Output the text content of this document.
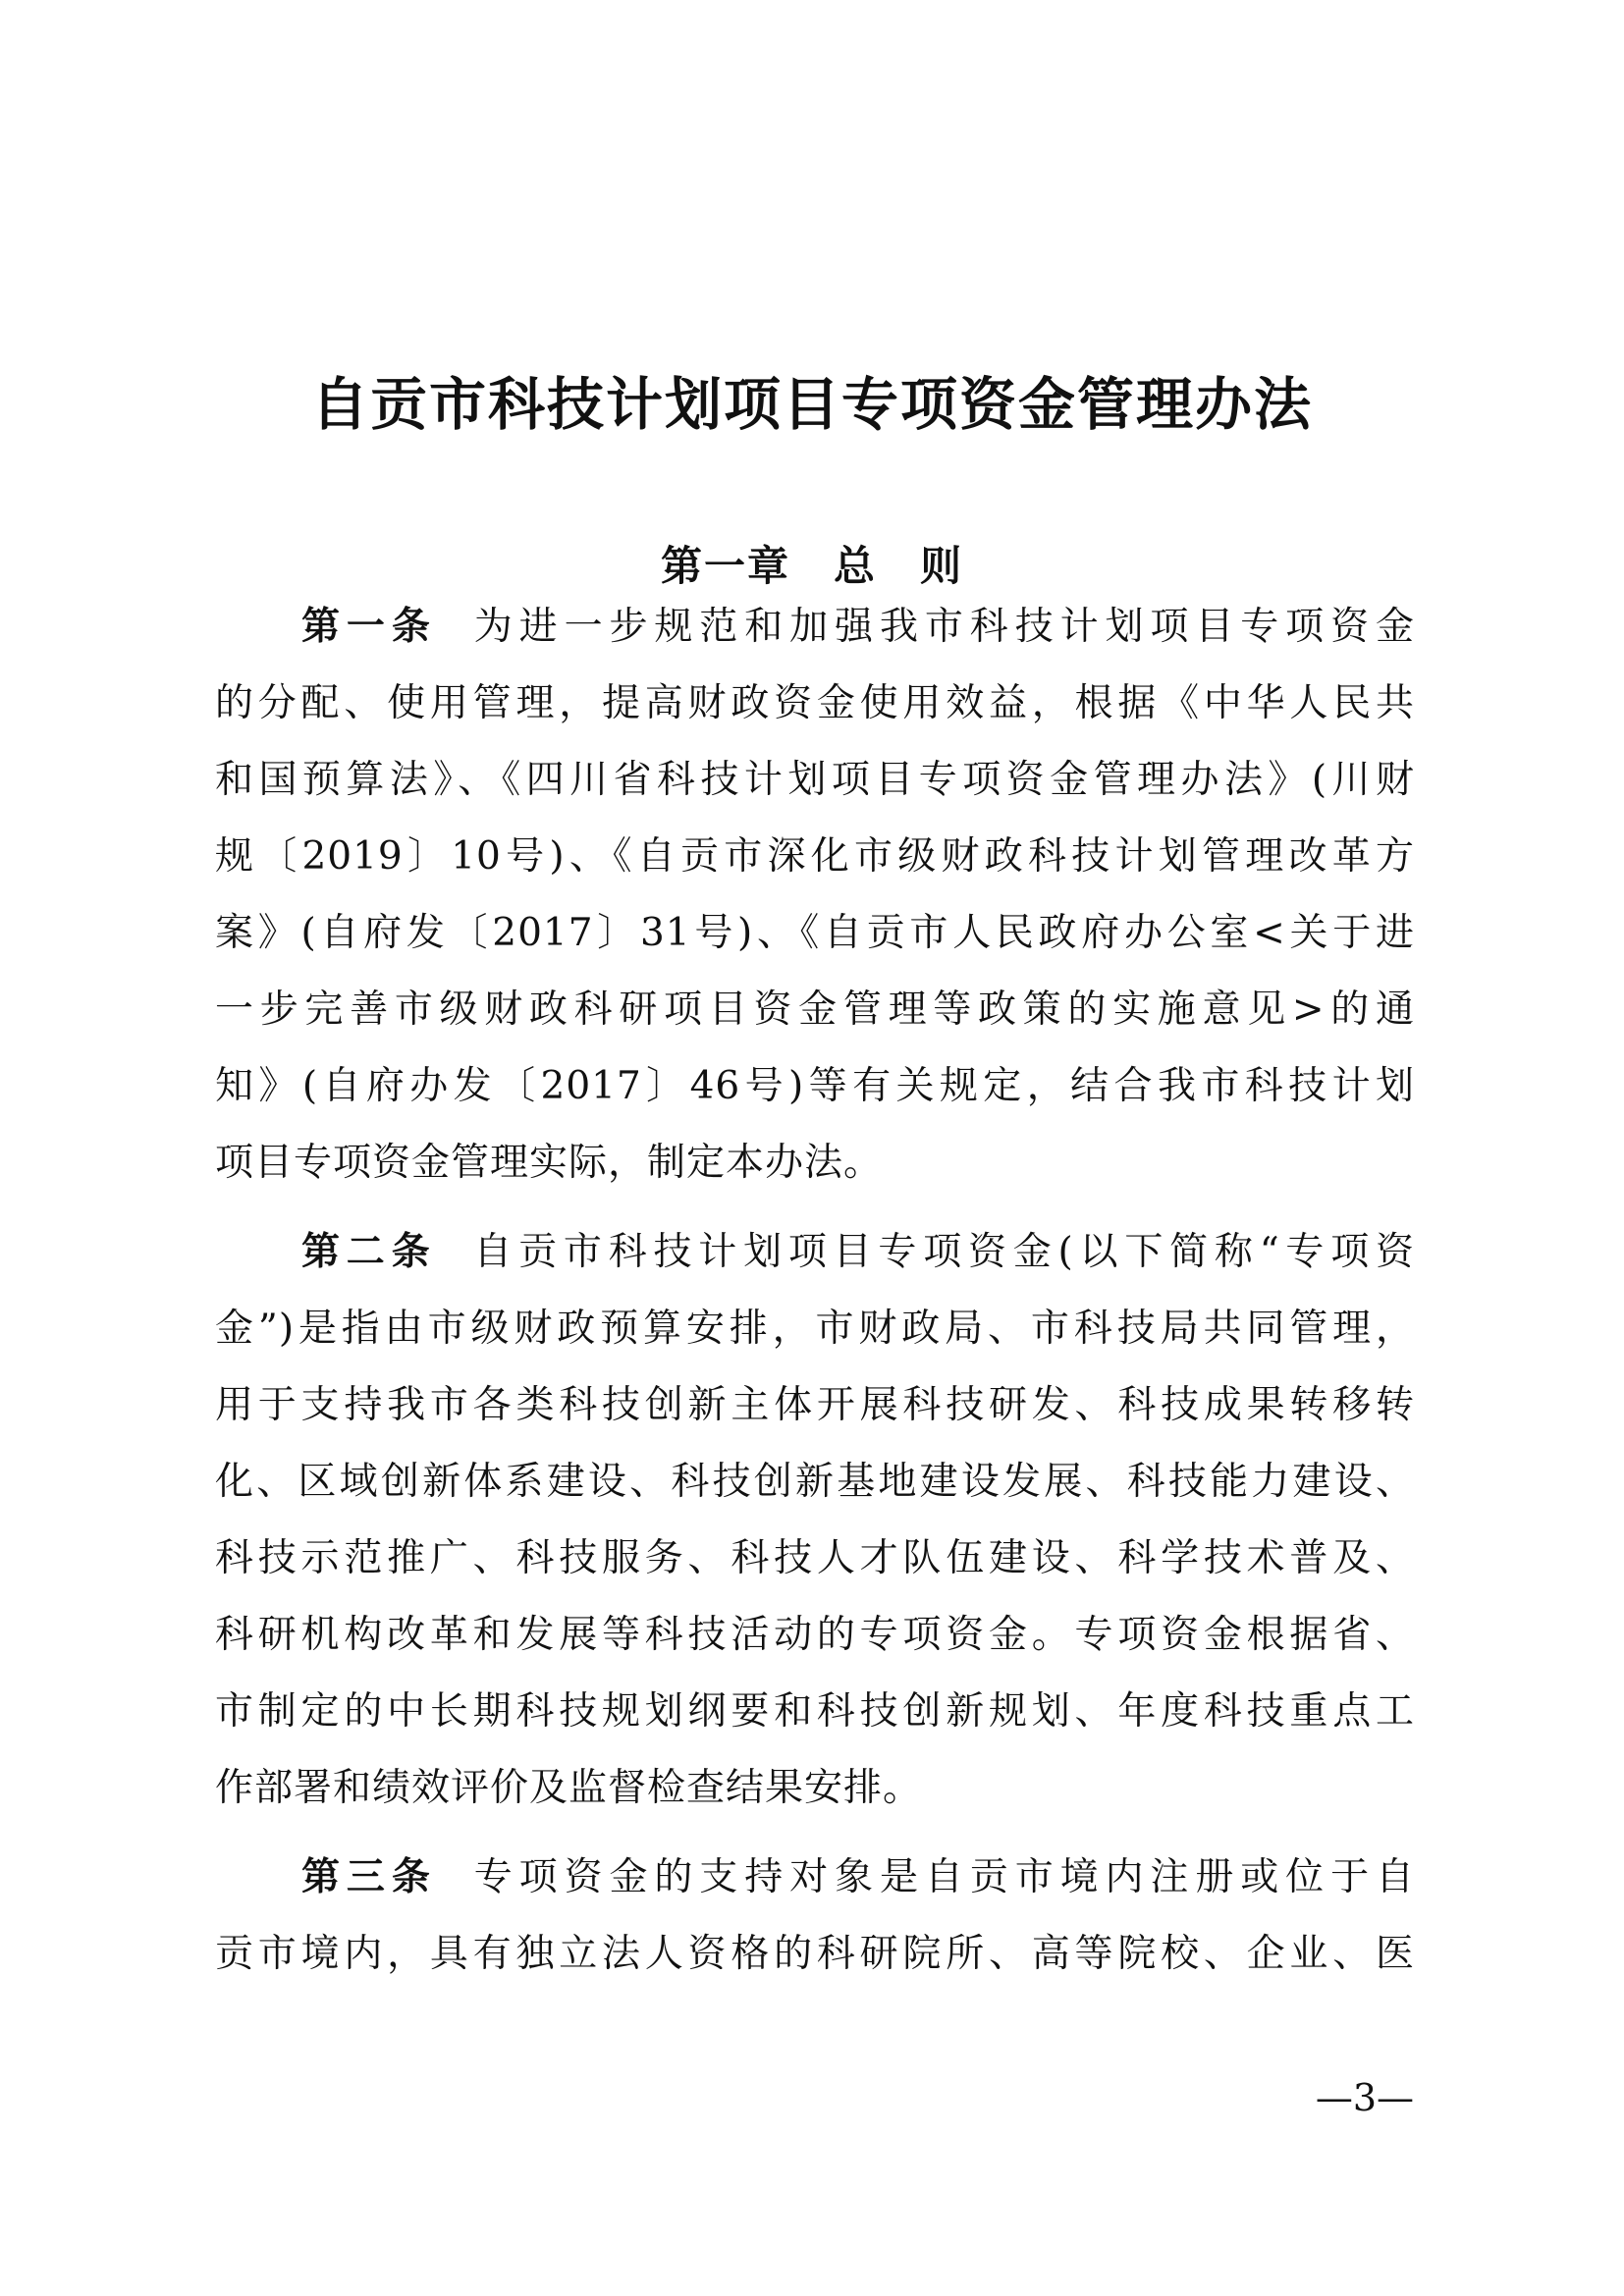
自贡市科技计划项目专项资金管理办法
第一章　总　则

第一条 为进一步规范和加强我市科技计划项目专项资金

的分配、使用管理，提高财政资金使用效益，根据《中华人民共

和国预算法》、《四川省科技计划项目专项资金管理办法》(川财

规〔2019〕10号)、《自贡市深化市级财政科技计划管理改革方

案》(自府发〔2017〕31号)、《自贡市人民政府办公室<关于进

一步完善市级财政科研项目资金管理等政策的实施意见>的通

知》(自府办发〔2017〕46号)等有关规定，结合我市科技计划

项目专项资金管理实际，制定本办法。

第二条 自贡市科技计划项目专项资金(以下简称“专项资

金”)是指由市级财政预算安排，市财政局、市科技局共同管理，

用于支持我市各类科技创新主体开展科技研发、科技成果转移转

化、区域创新体系建设、科技创新基地建设发展、科技能力建设、

科技示范推广、科技服务、科技人才队伍建设、科学技术普及、

科研机构改革和发展等科技活动的专项资金。专项资金根据省、

市制定的中长期科技规划纲要和科技创新规划、年度科技重点工

作部署和绩效评价及监督检查结果安排。

第三条 专项资金的支持对象是自贡市境内注册或位于自

贡市境内，具有独立法人资格的科研院所、高等院校、企业、医

—3—
